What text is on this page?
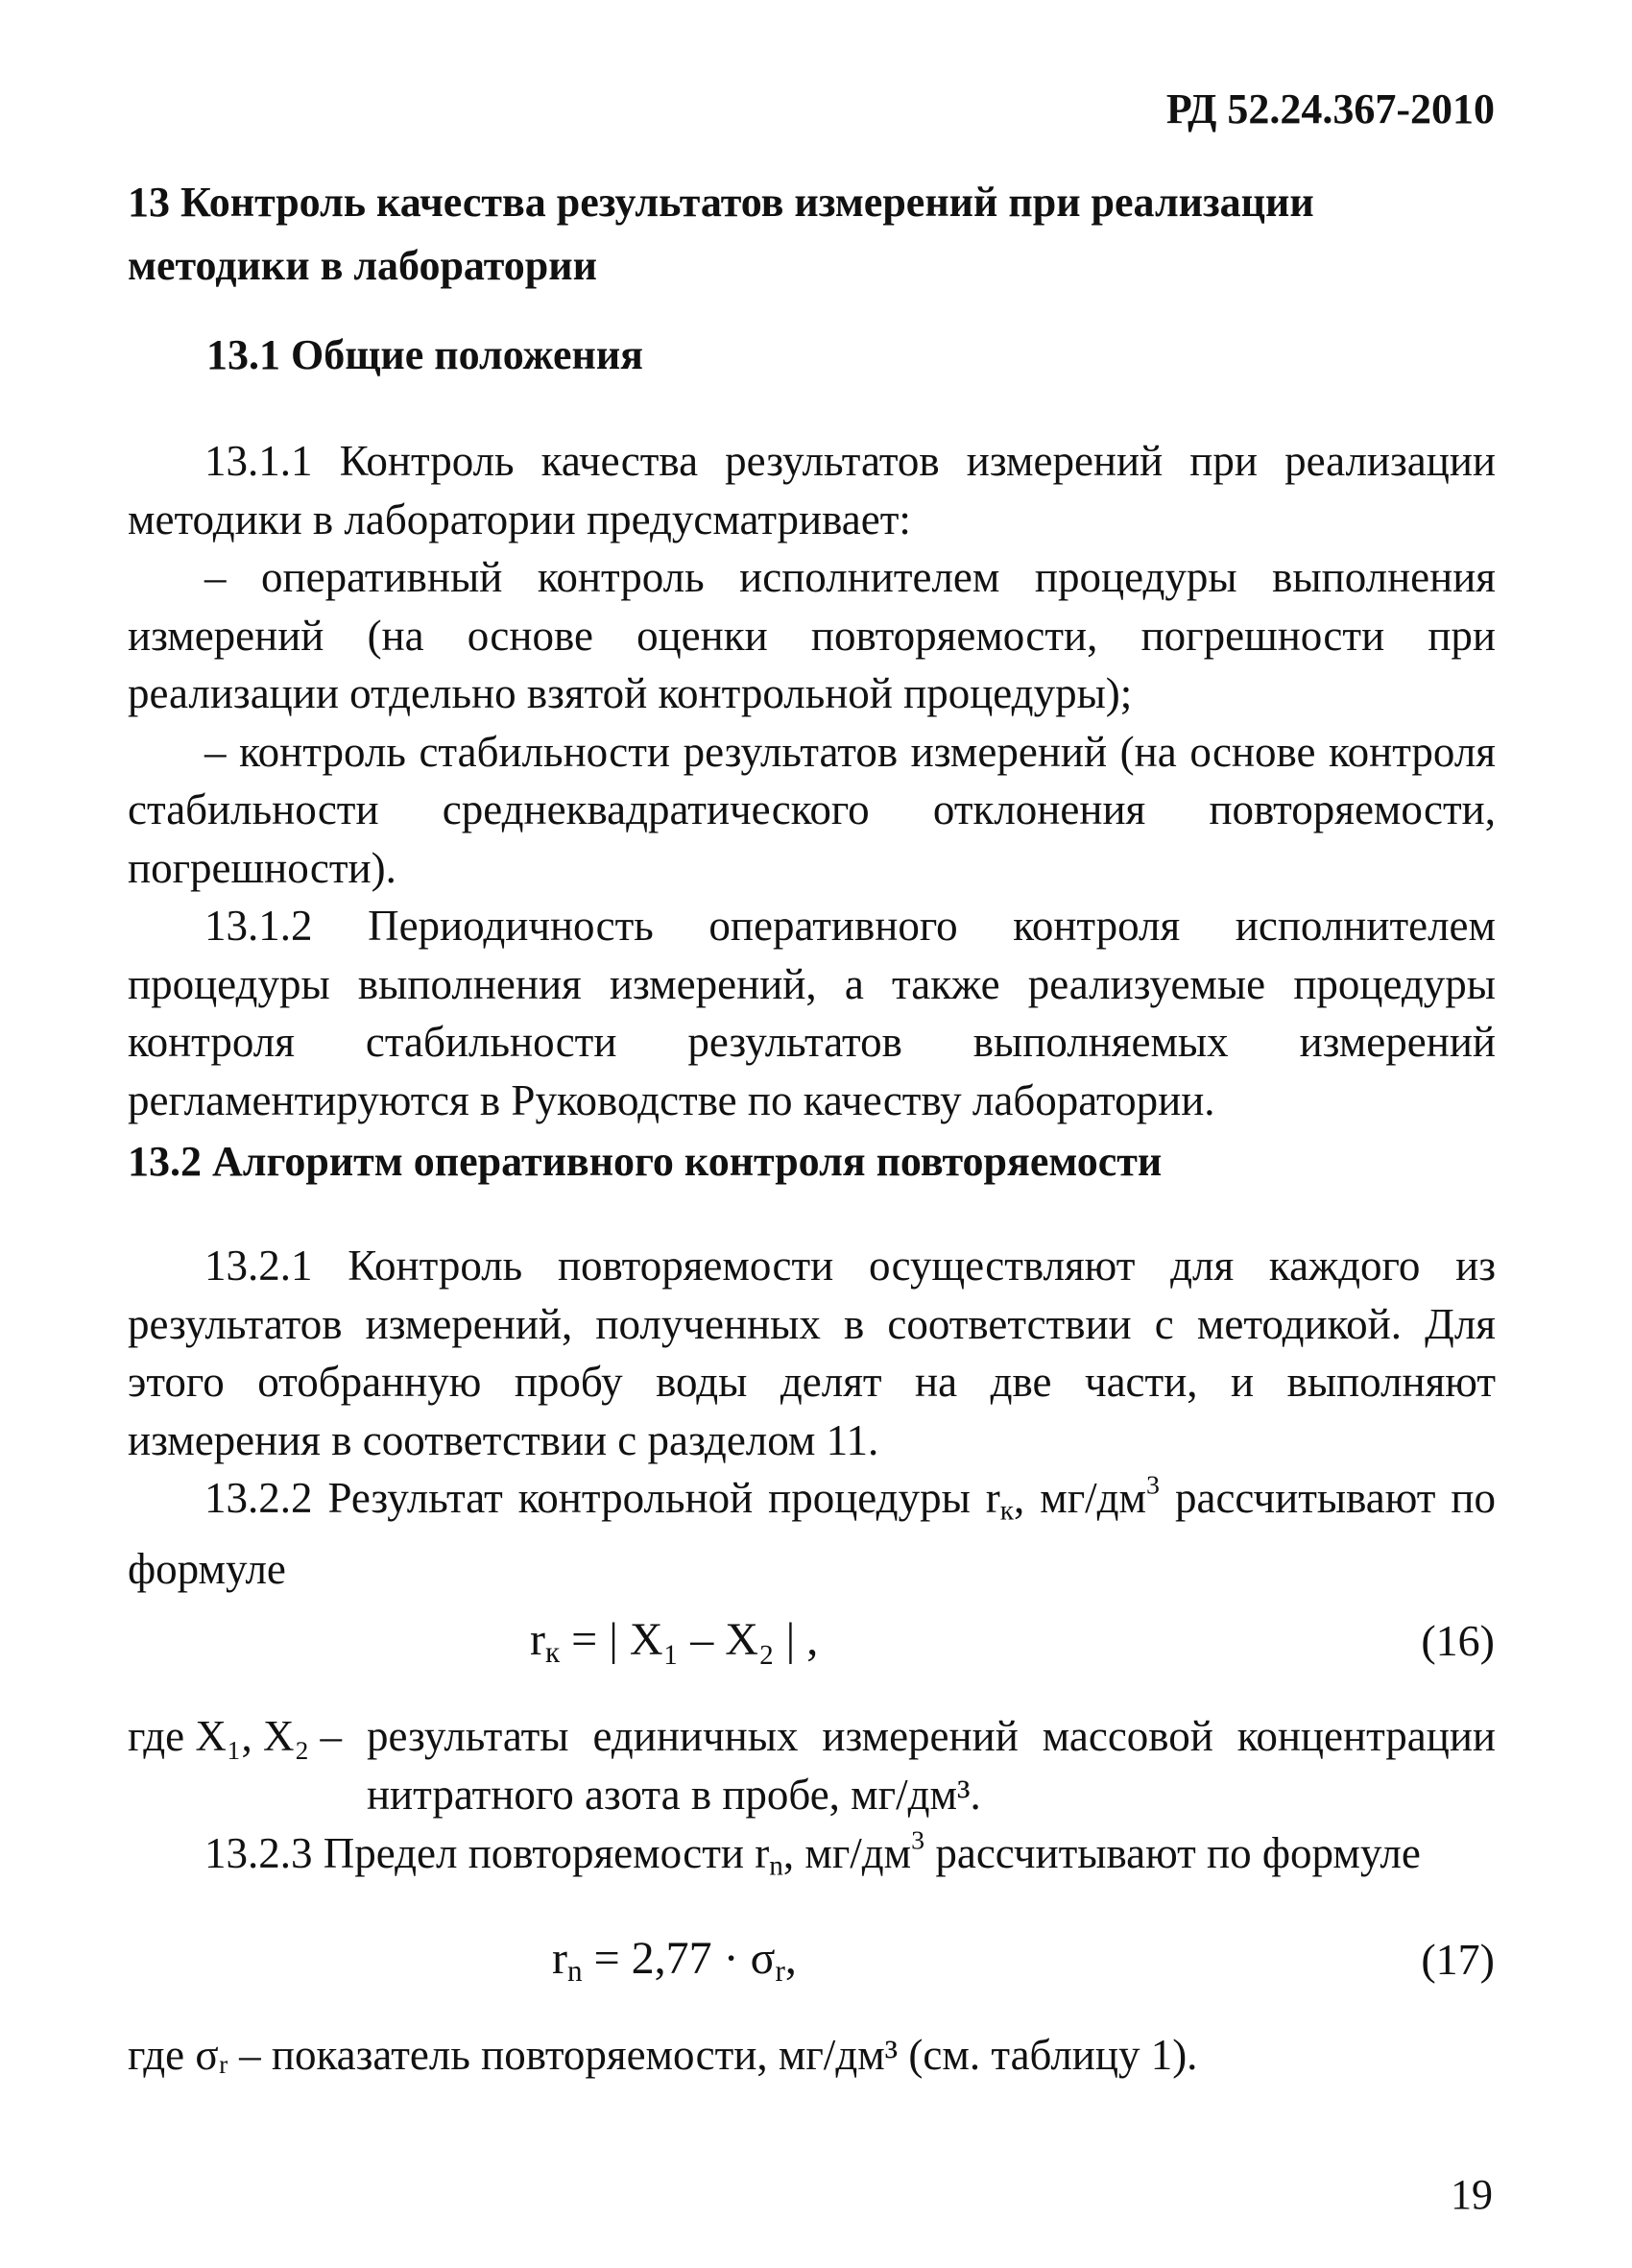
РД 52.24.367-2010
13 Контроль качества результатов измерений при реализации методики в лаборатории
13.1 Общие положения

13.1.1 Контроль качества результатов измерений при реализации методики в лаборатории предусматривает:

– оперативный контроль исполнителем процедуры выполнения измерений (на основе оценки повторяемости, погрешности при реализации отдельно взятой контрольной процедуры);

– контроль стабильности результатов измерений (на основе контроля стабильности среднеквадратического отклонения повторяемости, погрешности).

13.1.2 Периодичность оперативного контроля исполнителем процедуры выполнения измерений, а также реализуемые процедуры контроля стабильности результатов выполняемых измерений регламентируются в Руководстве по качеству лаборатории.

13.2 Алгоритм оперативного контроля повторяемости

13.2.1 Контроль повторяемости осуществляют для каждого из результатов измерений, полученных в соответствии с методикой. Для этого отобранную пробу воды делят на две части, и выполняют измерения в соответствии с разделом 11.

13.2.2 Результат контрольной процедуры $r_к$, $мг/дм^3$ рассчитывают по формуле

$r_к$ = | X₁ – X₂ | ,	(16)
где X₁, X₂ – результаты единичных измерений массовой концентрации нитратного азота в пробе, мг/дм³.

13.2.3 Предел повторяемости $r_n$, $мг/дм^3$ рассчитывают по формуле

$r_n = 2,77 \cdot \sigma_r$,	(17)
где σᵣ – показатель повторяемости, мг/дм³ (см. таблицу 1).
19
